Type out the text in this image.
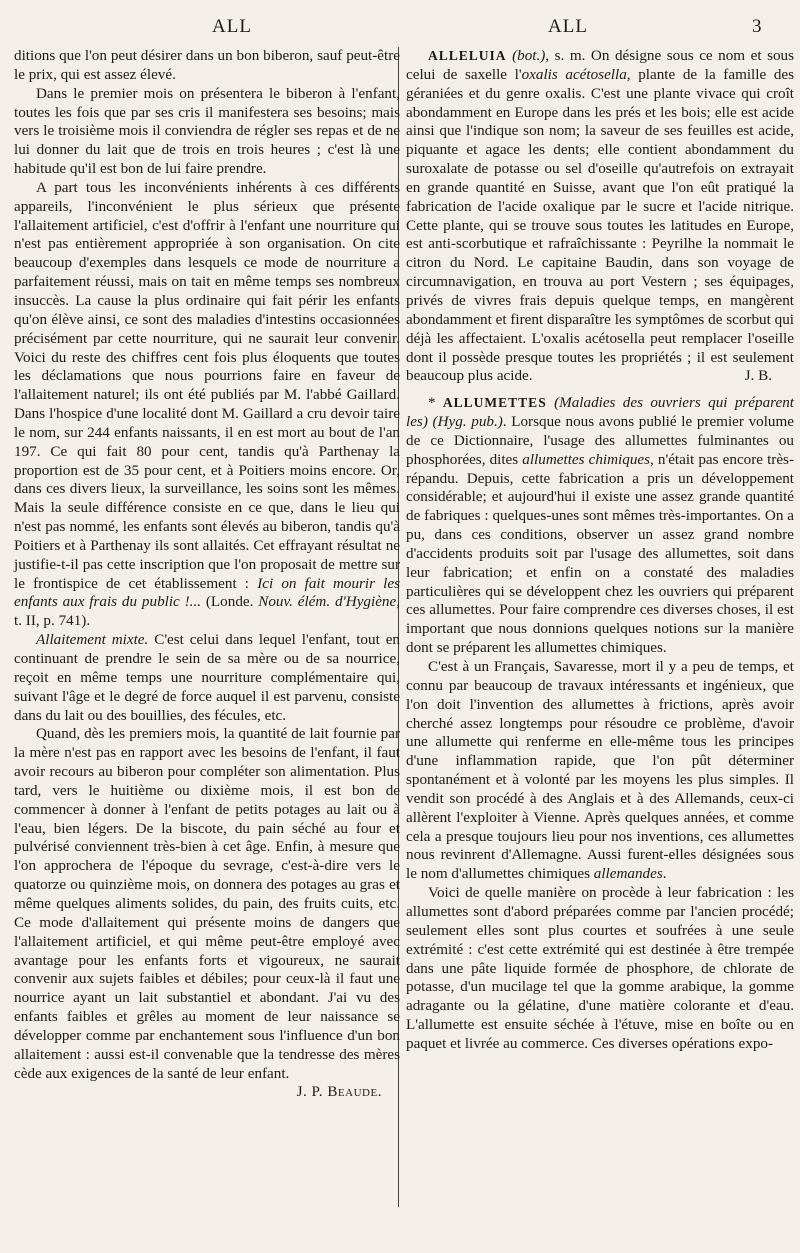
ALL	ALL	3

ditions que l'on peut désirer dans un bon biberon, sauf peut-être le prix, qui est assez élevé.

Dans le premier mois on présentera le biberon à l'enfant, toutes les fois que par ses cris il manifestera ses besoins; mais vers le troisième mois il conviendra de régler ses repas et de ne lui donner du lait que de trois en trois heures ; c'est là une habitude qu'il est bon de lui faire prendre.

A part tous les inconvénients inhérents à ces différents appareils, l'inconvénient le plus sérieux que présente l'allaitement artificiel, c'est d'offrir à l'enfant une nourriture qui n'est pas entièrement appropriée à son organisation. On cite beaucoup d'exemples dans lesquels ce mode de nourriture a parfaitement réussi, mais on tait en même temps ses nombreux insuccès. La cause la plus ordinaire qui fait périr les enfants qu'on élève ainsi, ce sont des maladies d'intestins occasionnées précisément par cette nourriture, qui ne saurait leur convenir. Voici du reste des chiffres cent fois plus éloquents que toutes les déclamations que nous pourrions faire en faveur de l'allaitement naturel; ils ont été publiés par M. l'abbé Gaillard. Dans l'hospice d'une localité dont M. Gaillard a cru devoir taire le nom, sur 244 enfants naissants, il en est mort au bout de l'an 197. Ce qui fait 80 pour cent, tandis qu'à Parthenay la proportion est de 35 pour cent, et à Poitiers moins encore. Or, dans ces divers lieux, la surveillance, les soins sont les mêmes. Mais la seule différence consiste en ce que, dans le lieu qui n'est pas nommé, les enfants sont élevés au biberon, tandis qu'à Poitiers et à Parthenay ils sont allaités. Cet effrayant résultat ne justifie-t-il pas cette inscription que l'on proposait de mettre sur le frontispice de cet établissement : Ici on fait mourir les enfants aux frais du public !... (Londe. Nouv. élém. d'Hygiène, t. II, p. 741).

Allaitement mixte. C'est celui dans lequel l'enfant, tout en continuant de prendre le sein de sa mère ou de sa nourrice, reçoit en même temps une nourriture complémentaire qui, suivant l'âge et le degré de force auquel il est parvenu, consiste dans du lait ou des bouillies, des fécules, etc.

Quand, dès les premiers mois, la quantité de lait fournie par la mère n'est pas en rapport avec les besoins de l'enfant, il faut avoir recours au biberon pour compléter son alimentation. Plus tard, vers le huitième ou dixième mois, il est bon de commencer à donner à l'enfant de petits potages au lait ou à l'eau, bien légers. De la biscote, du pain séché au four et pulvérisé conviennent très-bien à cet âge. Enfin, à mesure que l'on approchera de l'époque du sevrage, c'est-à-dire vers le quatorze ou quinzième mois, on donnera des potages au gras et même quelques aliments solides, du pain, des fruits cuits, etc. Ce mode d'allaitement qui présente moins de dangers que l'allaitement artificiel, et qui même peut-être employé avec avantage pour les enfants forts et vigoureux, ne saurait convenir aux sujets faibles et débiles; pour ceux-là il faut une nourrice ayant un lait substantiel et abondant. J'ai vu des enfants faibles et grêles au moment de leur naissance se développer comme par enchantement sous l'influence d'un bon allaitement : aussi est-il convenable que la tendresse des mères cède aux exigences de la santé de leur enfant.

J. P. Beaude.

ALLELUIA (bot.), s. m. On désigne sous ce nom et sous celui de saxelle l'oxalis acétosella, plante de la famille des géraniées et du genre oxalis. C'est une plante vivace qui croît abondamment en Europe dans les prés et les bois; elle est acide ainsi que l'indique son nom; la saveur de ses feuilles est acide, piquante et agace les dents; elle contient abondamment du suroxalate de potasse ou sel d'oseille qu'autrefois on extrayait en grande quantité en Suisse, avant que l'on eût pratiqué la fabrication de l'acide oxalique par le sucre et l'acide nitrique. Cette plante, qui se trouve sous toutes les latitudes en Europe, est anti-scorbutique et rafraîchissante : Peyrilhe la nommait le citron du Nord. Le capitaine Baudin, dans son voyage de circumnavigation, en trouva au port Vestern ; ses équipages, privés de vivres frais depuis quelque temps, en mangèrent abondamment et firent disparaître les symptômes de scorbut qui déjà les affectaient. L'oxalis acétosella peut remplacer l'oseille dont il possède presque toutes les propriétés ; il est seulement beaucoup plus acide.	J. B.

* ALLUMETTES (Maladies des ouvriers qui préparent les) (Hyg. pub.). Lorsque nous avons publié le premier volume de ce Dictionnaire, l'usage des allumettes fulminantes ou phosphorées, dites allumettes chimiques, n'était pas encore très-répandu. Depuis, cette fabrication a pris un développement considérable; et aujourd'hui il existe une assez grande quantité de fabriques : quelques-unes sont mêmes très-importantes. On a pu, dans ces conditions, observer un assez grand nombre d'accidents produits soit par l'usage des allumettes, soit dans leur fabrication; et enfin on a constaté des maladies particulières qui se développent chez les ouvriers qui préparent ces allumettes. Pour faire comprendre ces diverses choses, il est important que nous donnions quelques notions sur la manière dont se préparent les allumettes chimiques.

C'est à un Français, Savaresse, mort il y a peu de temps, et connu par beaucoup de travaux intéressants et ingénieux, que l'on doit l'invention des allumettes à frictions, après avoir cherché assez longtemps pour résoudre ce problème, d'avoir une allumette qui renferme en elle-même tous les principes d'une inflammation rapide, que l'on pût déterminer spontanément et à volonté par les moyens les plus simples. Il vendit son procédé à des Anglais et à des Allemands, ceux-ci allèrent l'exploiter à Vienne. Après quelques années, et comme cela a presque toujours lieu pour nos inventions, ces allumettes nous revinrent d'Allemagne. Aussi furent-elles désignées sous le nom d'allumettes chimiques allemandes.

Voici de quelle manière on procède à leur fabrication : les allumettes sont d'abord préparées comme par l'ancien procédé; seulement elles sont plus courtes et soufrées à une seule extrémité : c'est cette extrémité qui est destinée à être trempée dans une pâte liquide formée de phosphore, de chlorate de potasse, d'un mucilage tel que la gomme arabique, la gomme adragante ou la gélatine, d'une matière colorante et d'eau. L'allumette est ensuite séchée à l'étuve, mise en boîte ou en paquet et livrée au commerce. Ces diverses opérations expo-
